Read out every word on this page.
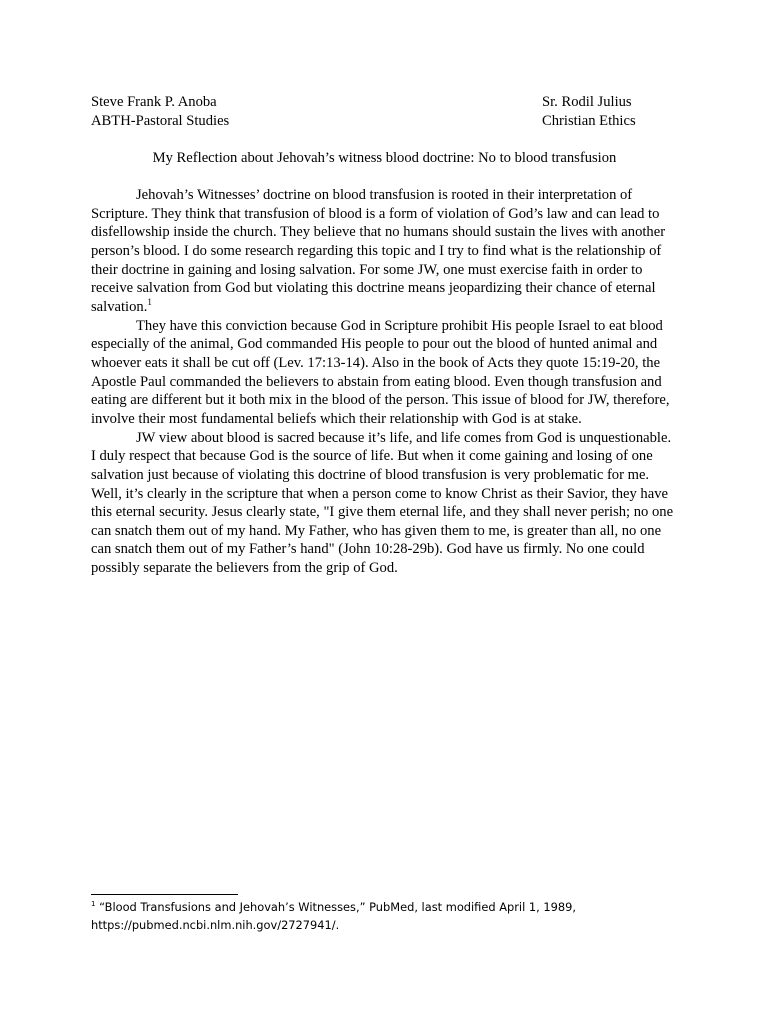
Steve Frank P. Anoba	Sr. Rodil Julius
ABTH-Pastoral Studies	Christian Ethics
My Reflection about Jehovah’s witness blood doctrine: No to blood transfusion

Jehovah’s Witnesses’ doctrine on blood transfusion is rooted in their interpretation of Scripture. They think that transfusion of blood is a form of violation of God’s law and can lead to disfellowship inside the church. They believe that no humans should sustain the lives with another person’s blood. I do some research regarding this topic and I try to find what is the relationship of their doctrine in gaining and losing salvation. For some JW, one must exercise faith in order to receive salvation from God but violating this doctrine means jeopardizing their chance of eternal salvation.$^1$

They have this conviction because God in Scripture prohibit His people Israel to eat blood especially of the animal, God commanded His people to pour out the blood of hunted animal and whoever eats it shall be cut off (Lev. 17:13-14). Also in the book of Acts they quote 15:19-20, the Apostle Paul commanded the believers to abstain from eating blood. Even though transfusion and eating are different but it both mix in the blood of the person. This issue of blood for JW, therefore, involve their most fundamental beliefs which their relationship with God is at stake.

JW view about blood is sacred because it’s life, and life comes from God is unquestionable. I duly respect that because God is the source of life. But when it come gaining and losing of one salvation just because of violating this doctrine of blood transfusion is very problematic for me. Well, it’s clearly in the scripture that when a person come to know Christ as their Savior, they have this eternal security. Jesus clearly state, "I give them eternal life, and they shall never perish; no one can snatch them out of my hand. My Father, who has given them to me, is greater than all, no one can snatch them out of my Father’s hand" (John 10:28-29b). God have us firmly. No one could possibly separate the believers from the grip of God.

$^1$ “Blood Transfusions and Jehovah’s Witnesses,” PubMed, last modified April 1, 1989, https://pubmed.ncbi.nlm.nih.gov/2727941/.
